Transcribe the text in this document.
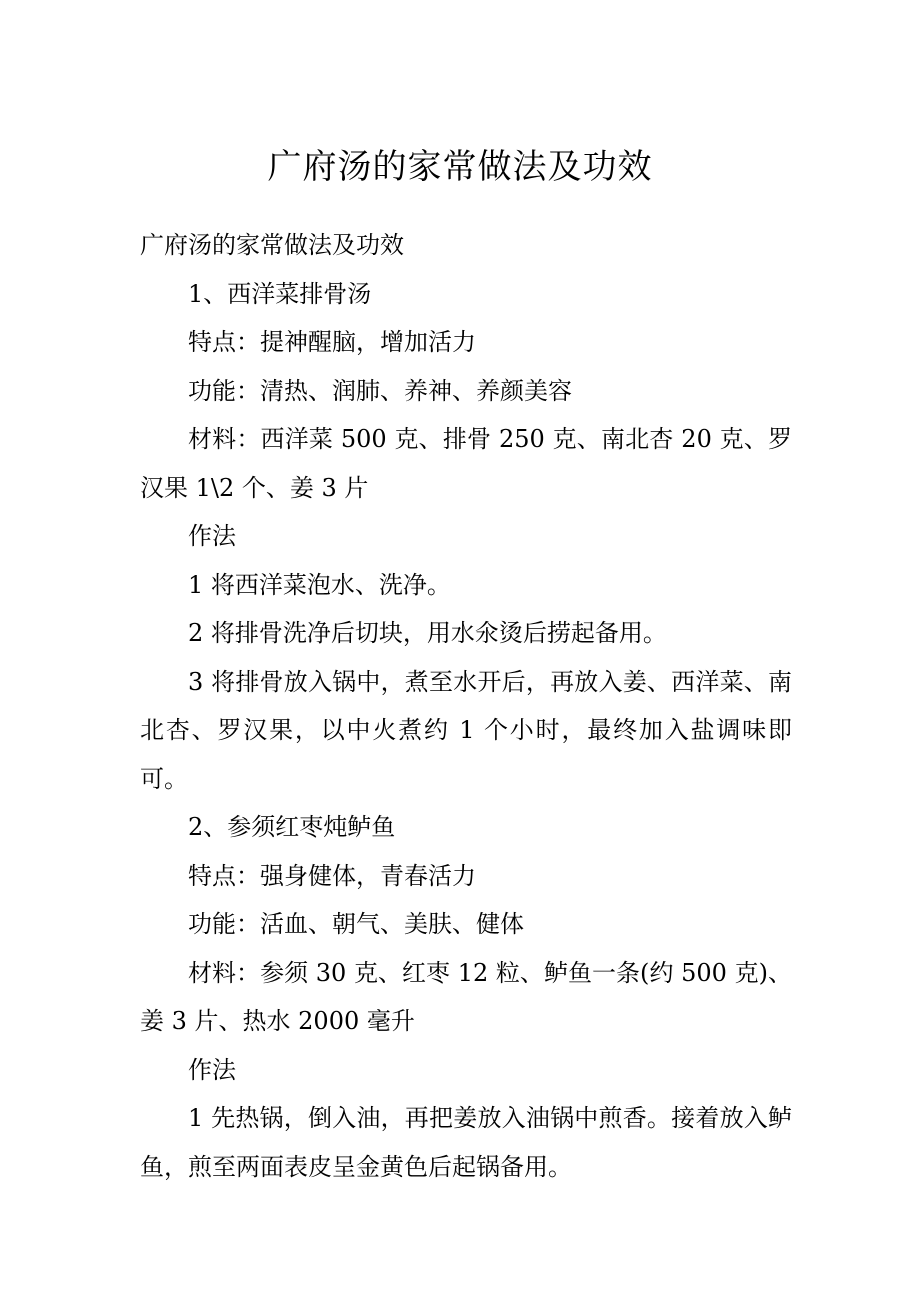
广府汤的家常做法及功效

广府汤的家常做法及功效

1、西洋菜排骨汤

特点：提神醒脑，增加活力

功能：清热、润肺、养神、养颜美容

材料：西洋菜 500 克、排骨 250 克、南北杏 20 克、罗汉果 1\2 个、姜 3 片

作法

1 将西洋菜泡水、洗净。

2 将排骨洗净后切块，用水氽烫后捞起备用。

3 将排骨放入锅中，煮至水开后，再放入姜、西洋菜、南北杏、罗汉果，以中火煮约 1 个小时，最终加入盐调味即可。

2、参须红枣炖鲈鱼

特点：强身健体，青春活力

功能：活血、朝气、美肤、健体

材料：参须 30 克、红枣 12 粒、鲈鱼一条(约 500 克)、姜 3 片、热水 2000 毫升

作法

1 先热锅，倒入油，再把姜放入油锅中煎香。接着放入鲈鱼，煎至两面表皮呈金黄色后起锅备用。
